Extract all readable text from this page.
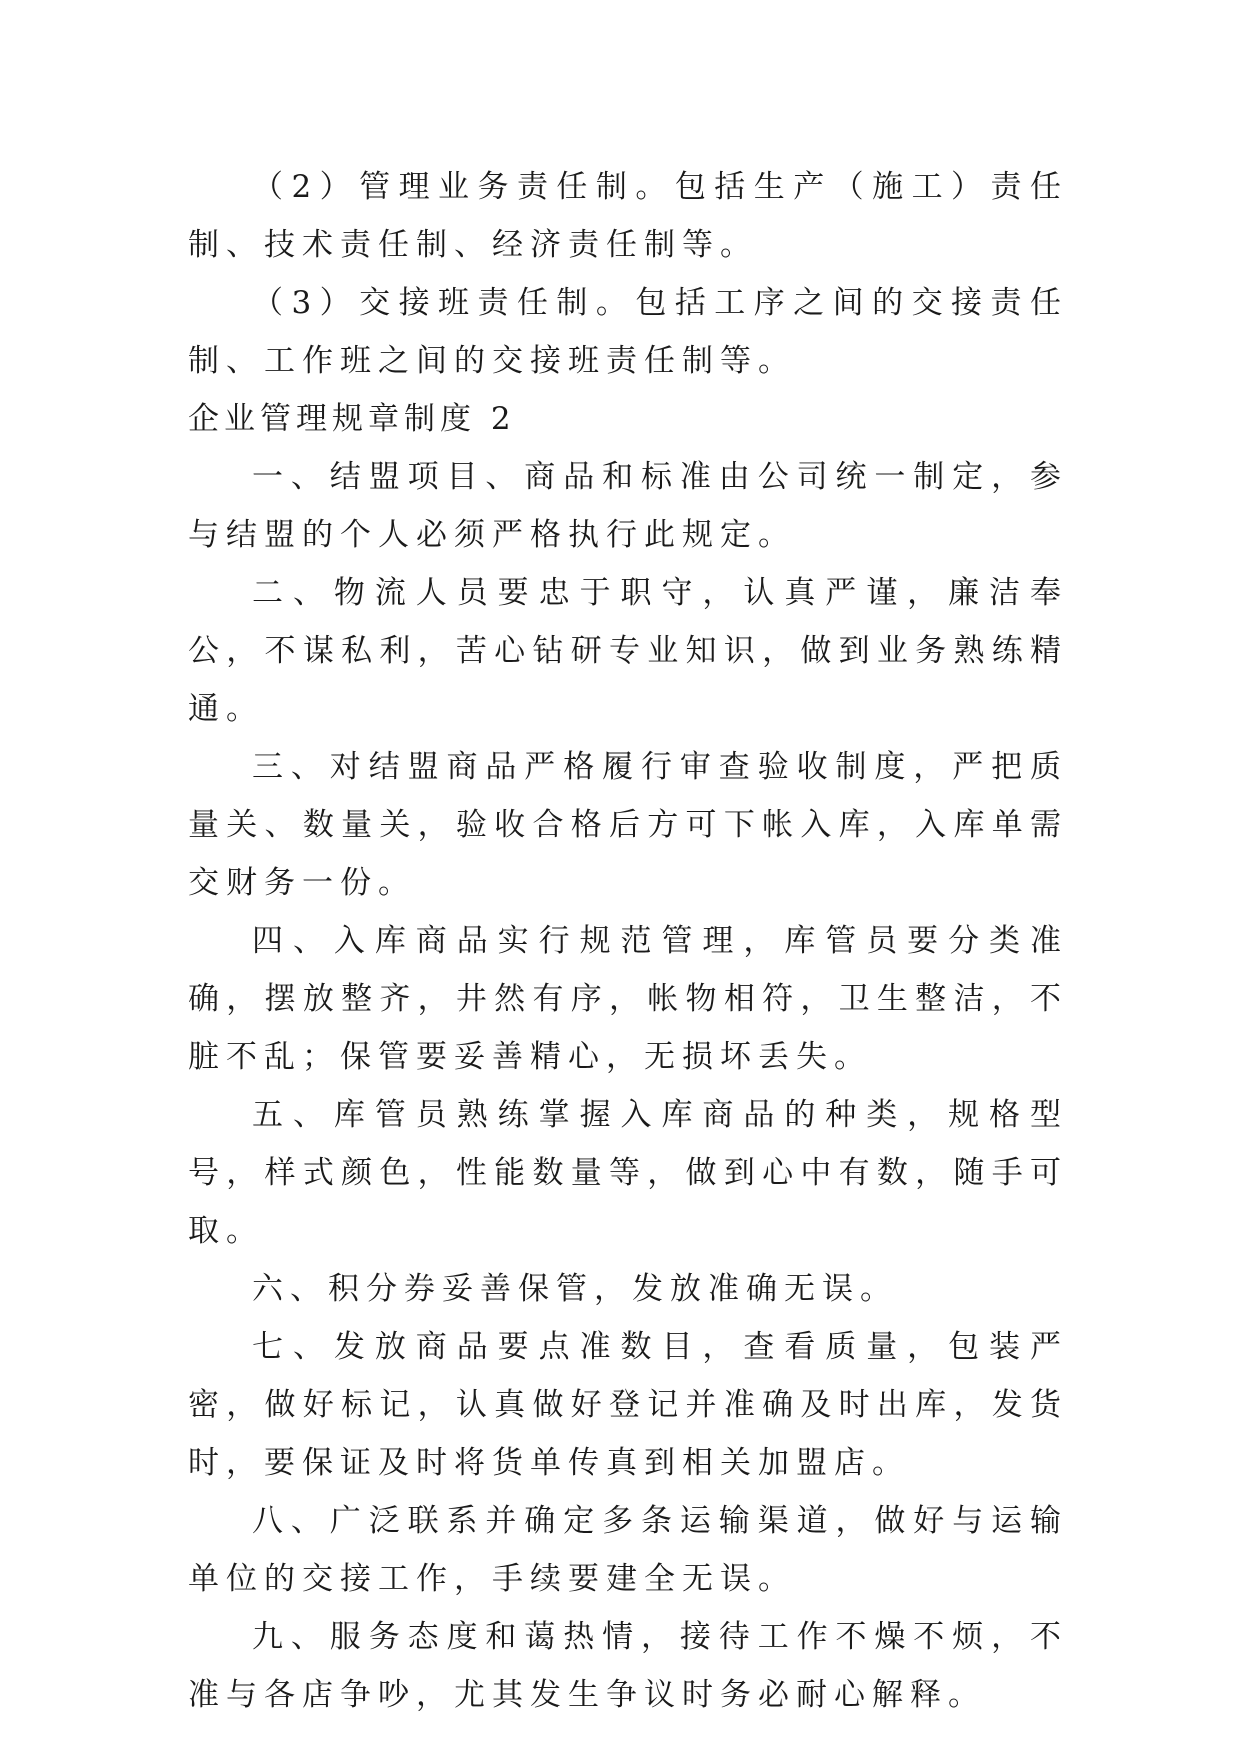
（2）管理业务责任制。包括生产（施工）责任制、技术责任制、经济责任制等。

（3）交接班责任制。包括工序之间的交接责任制、工作班之间的交接班责任制等。

企业管理规章制度 2

一、结盟项目、商品和标准由公司统一制定，参与结盟的个人必须严格执行此规定。

二、物流人员要忠于职守，认真严谨，廉洁奉公，不谋私利，苦心钻研专业知识，做到业务熟练精通。

三、对结盟商品严格履行审查验收制度，严把质量关、数量关，验收合格后方可下帐入库，入库单需交财务一份。

四、入库商品实行规范管理，库管员要分类准确，摆放整齐，井然有序，帐物相符，卫生整洁，不脏不乱；保管要妥善精心，无损坏丢失。

五、库管员熟练掌握入库商品的种类，规格型号，样式颜色，性能数量等，做到心中有数，随手可取。

六、积分券妥善保管，发放准确无误。

七、发放商品要点准数目，查看质量，包装严密，做好标记，认真做好登记并准确及时出库，发货时，要保证及时将货单传真到相关加盟店。

八、广泛联系并确定多条运输渠道，做好与运输单位的交接工作，手续要建全无误。

九、服务态度和蔼热情，接待工作不燥不烦，不准与各店争吵，尤其发生争议时务必耐心解释。
